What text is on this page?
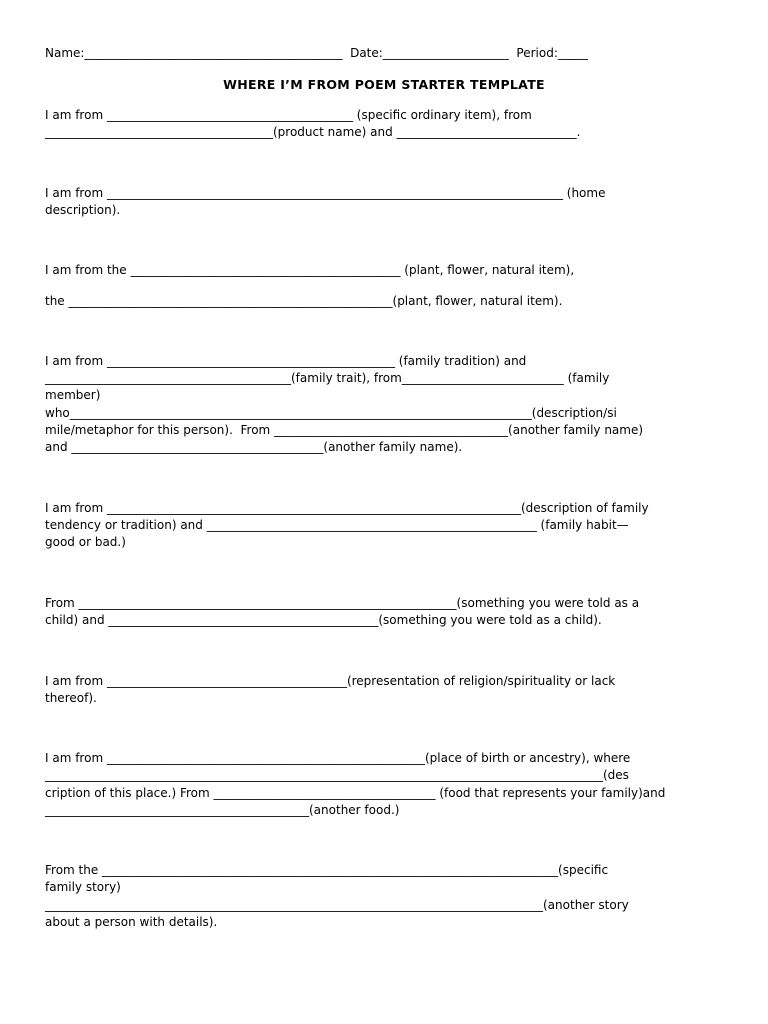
Name:___________________________________________  Date:_____________________  Period:_____
WHERE I’M FROM POEM STARTER TEMPLATE
I am from _________________________________________ (specific ordinary item), from
______________________________________(product name) and ______________________________.
I am from ____________________________________________________________________________ (home
description).
I am from the _____________________________________________ (plant, flower, natural item),
the ______________________________________________________(plant, flower, natural item).
I am from ________________________________________________ (family tradition) and
_________________________________________(family trait), from___________________________ (family
member)
who_____________________________________________________________________________(description/si
mile/metaphor for this person).  From _______________________________________(another family name)
and __________________________________________(another family name).
I am from _____________________________________________________________________(description of family
tendency or tradition) and _______________________________________________________ (family habit—
good or bad.)
From _______________________________________________________________(something you were told as a
child) and _____________________________________________(something you were told as a child).
I am from ________________________________________(representation of religion/spirituality or lack
thereof).
I am from _____________________________________________________(place of birth or ancestry), where
_____________________________________________________________________________________________(des
cription of this place.) From _____________________________________ (food that represents your family)and
____________________________________________(another food.)
From the ____________________________________________________________________________(specific
family story)
___________________________________________________________________________________(another story
about a person with details).
